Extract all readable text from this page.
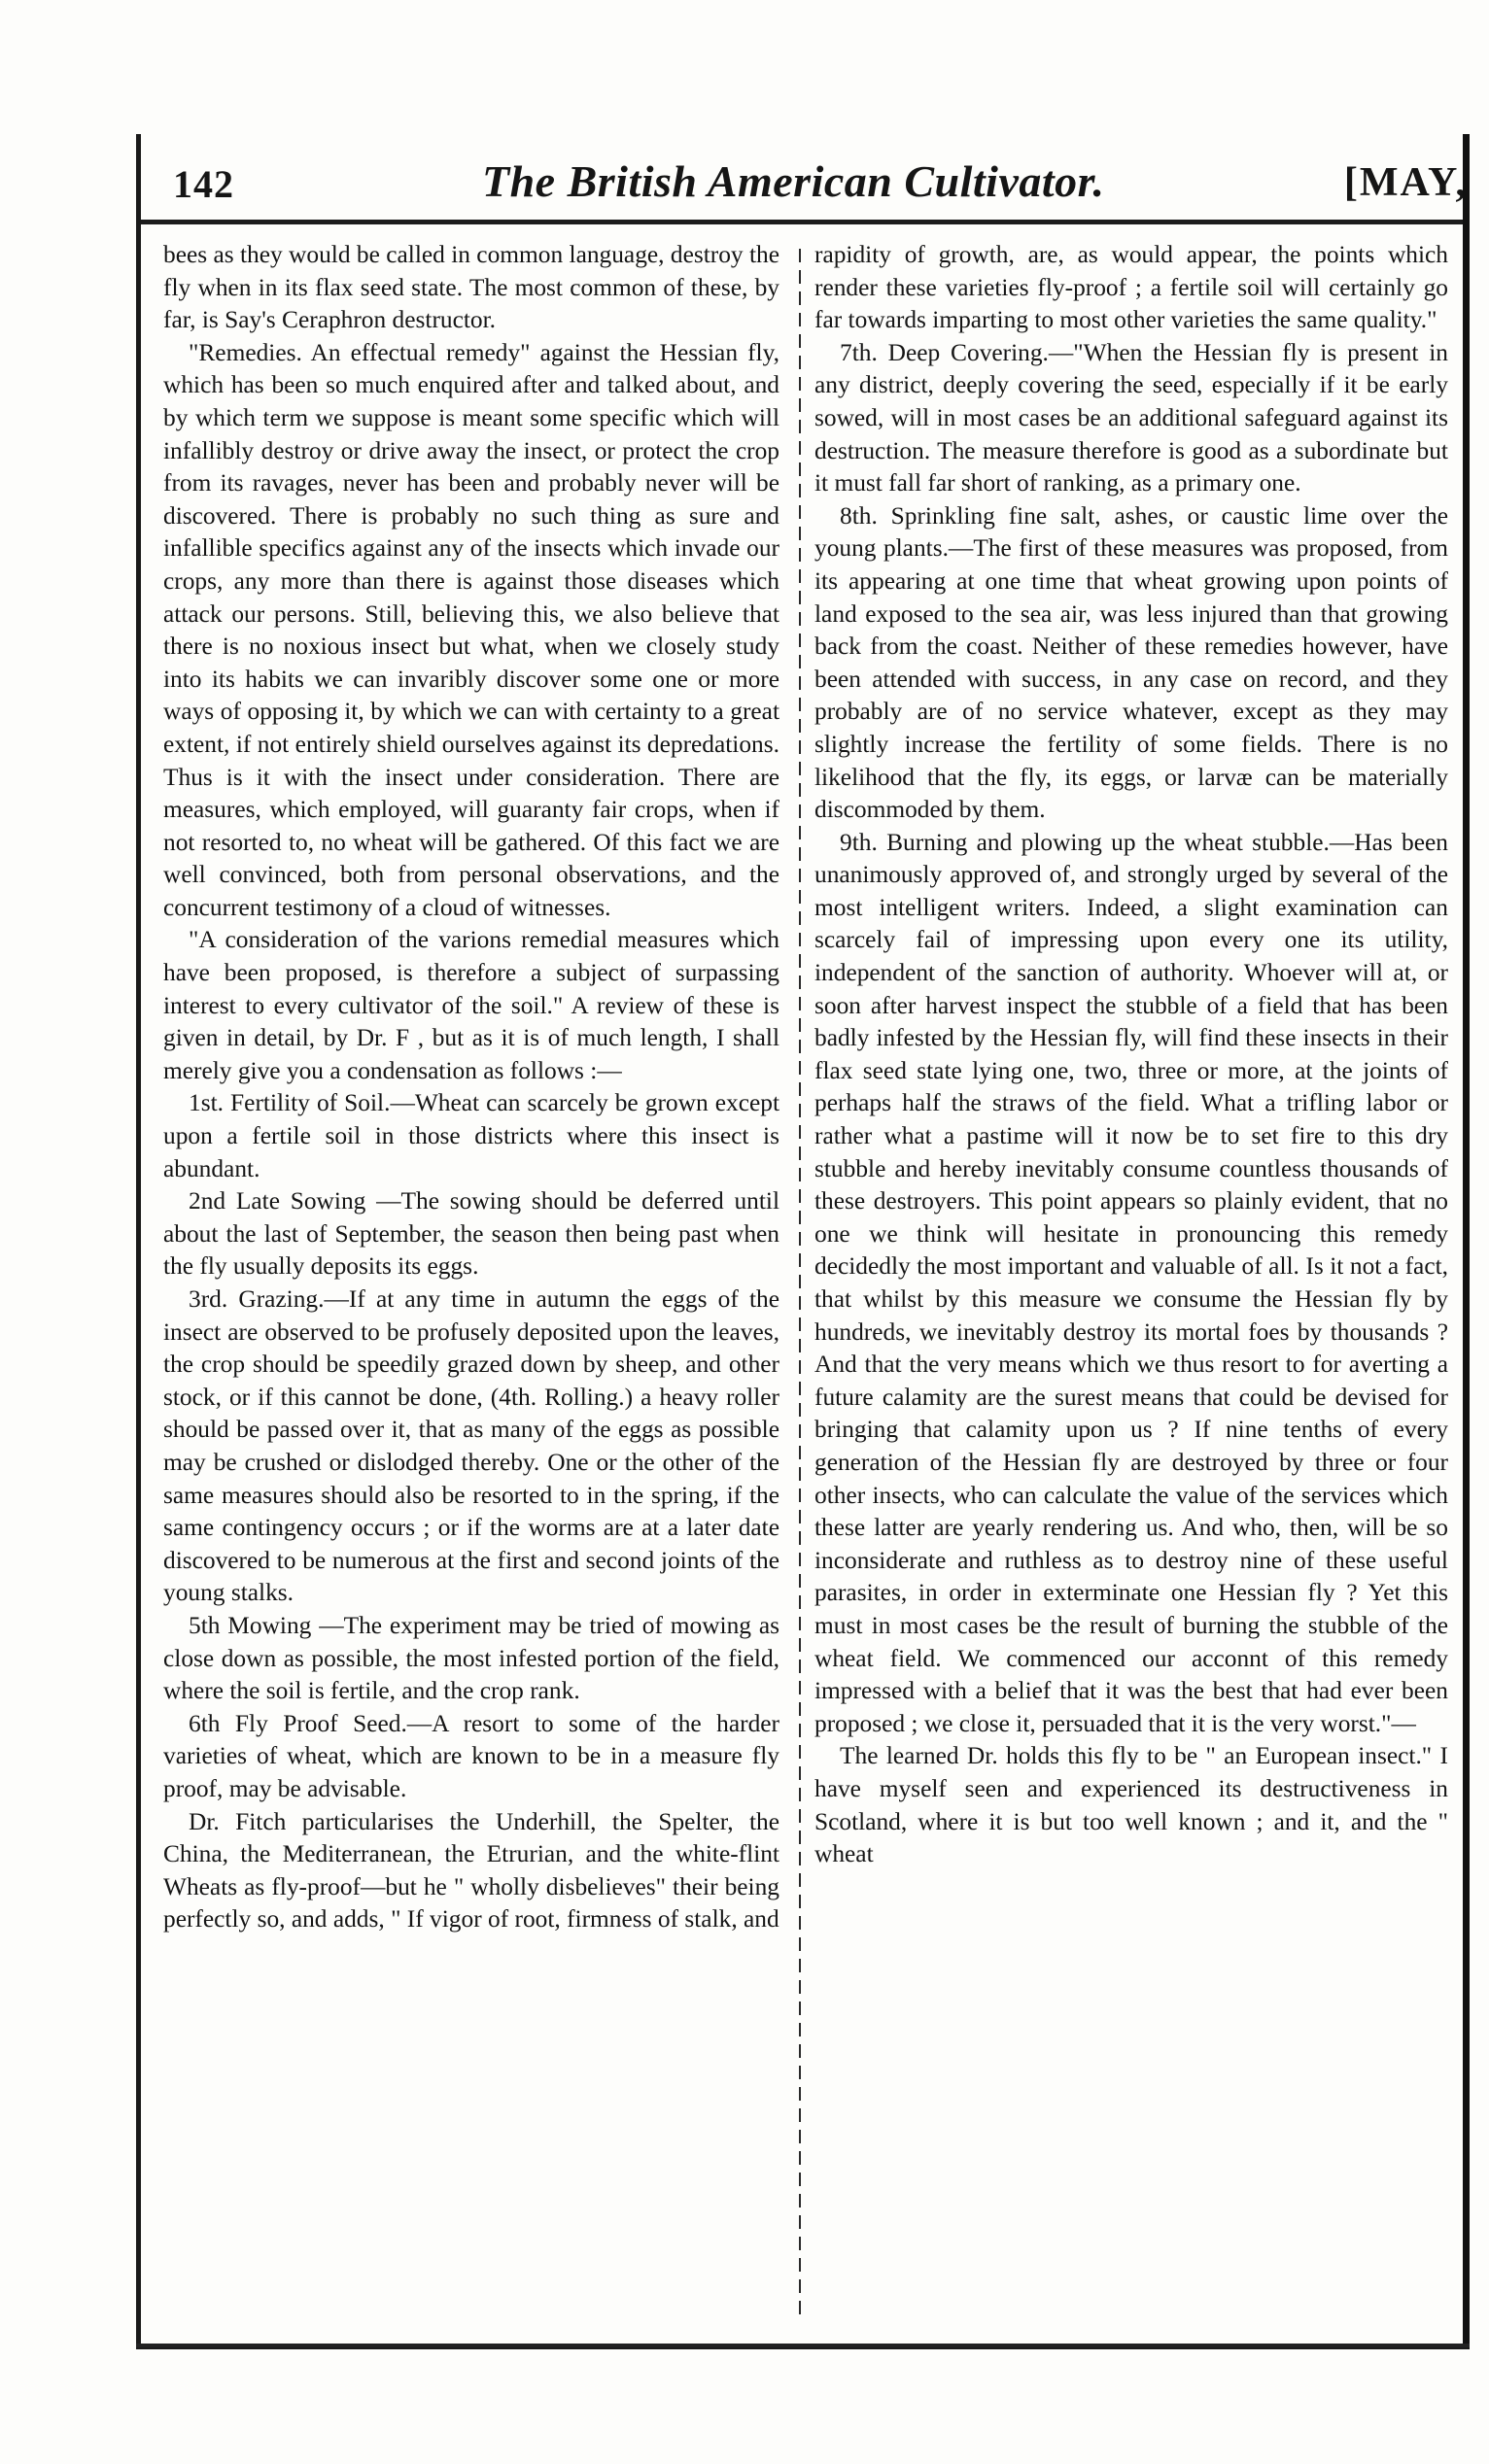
142	The British American Cultivator.	[MAY,

bees as they would be called in common language, destroy the fly when in its flax seed state. The most common of these, by far, is Say's Ceraphron destructor.

"Remedies. An effectual remedy" against the Hessian fly, which has been so much enquired after and talked about, and by which term we suppose is meant some specific which will infallibly destroy or drive away the insect, or protect the crop from its ravages, never has been and probably never will be discovered. There is probably no such thing as sure and infallible specifics against any of the insects which invade our crops, any more than there is against those diseases which attack our persons. Still, believing this, we also believe that there is no noxious insect but what, when we closely study into its habits we can invaribly discover some one or more ways of opposing it, by which we can with certainty to a great extent, if not entirely shield ourselves against its depredations. Thus is it with the insect under consideration. There are measures, which employed, will guaranty fair crops, when if not resorted to, no wheat will be gathered. Of this fact we are well convinced, both from personal observations, and the concurrent testimony of a cloud of witnesses.

"A consideration of the varions remedial measures which have been proposed, is therefore a subject of surpassing interest to every cultivator of the soil." A review of these is given in detail, by Dr. F , but as it is of much length, I shall merely give you a condensation as follows :—

1st. Fertility of Soil.—Wheat can scarcely be grown except upon a fertile soil in those districts where this insect is abundant.

2nd Late Sowing —The sowing should be deferred until about the last of September, the season then being past when the fly usually deposits its eggs.

3rd. Grazing.—If at any time in autumn the eggs of the insect are observed to be profusely deposited upon the leaves, the crop should be speedily grazed down by sheep, and other stock, or if this cannot be done, (4th. Rolling.) a heavy roller should be passed over it, that as many of the eggs as possible may be crushed or dislodged thereby. One or the other of the same measures should also be resorted to in the spring, if the same contingency occurs ; or if the worms are at a later date discovered to be numerous at the first and second joints of the young stalks.

5th Mowing —The experiment may be tried of mowing as close down as possible, the most infested portion of the field, where the soil is fertile, and the crop rank.

6th Fly Proof Seed.—A resort to some of the harder varieties of wheat, which are known to be in a measure fly proof, may be advisable.

Dr. Fitch particularises the Underhill, the Spelter, the China, the Mediterranean, the Etrurian, and the white-flint Wheats as fly-proof—but he " wholly disbelieves" their being perfectly so, and adds, " If vigor of root, firmness of stalk, and

rapidity of growth, are, as would appear, the points which render these varieties fly-proof ; a fertile soil will certainly go far towards imparting to most other varieties the same quality."

7th. Deep Covering.—"When the Hessian fly is present in any district, deeply covering the seed, especially if it be early sowed, will in most cases be an additional safeguard against its destruction. The measure therefore is good as a subordinate but it must fall far short of ranking, as a primary one.

8th. Sprinkling fine salt, ashes, or caustic lime over the young plants.—The first of these measures was proposed, from its appearing at one time that wheat growing upon points of land exposed to the sea air, was less injured than that growing back from the coast. Neither of these remedies however, have been attended with success, in any case on record, and they probably are of no service whatever, except as they may slightly increase the fertility of some fields. There is no likelihood that the fly, its eggs, or larvæ can be materially discommoded by them.

9th. Burning and plowing up the wheat stubble.—Has been unanimously approved of, and strongly urged by several of the most intelligent writers. Indeed, a slight examination can scarcely fail of impressing upon every one its utility, independent of the sanction of authority. Whoever will at, or soon after harvest inspect the stubble of a field that has been badly infested by the Hessian fly, will find these insects in their flax seed state lying one, two, three or more, at the joints of perhaps half the straws of the field. What a trifling labor or rather what a pastime will it now be to set fire to this dry stubble and hereby inevitably consume countless thousands of these destroyers. This point appears so plainly evident, that no one we think will hesitate in pronouncing this remedy decidedly the most important and valuable of all. Is it not a fact, that whilst by this measure we consume the Hessian fly by hundreds, we inevitably destroy its mortal foes by thousands ? And that the very means which we thus resort to for averting a future calamity are the surest means that could be devised for bringing that calamity upon us ? If nine tenths of every generation of the Hessian fly are destroyed by three or four other insects, who can calculate the value of the services which these latter are yearly rendering us. And who, then, will be so inconsiderate and ruthless as to destroy nine of these useful parasites, in order in exterminate one Hessian fly ? Yet this must in most cases be the result of burning the stubble of the wheat field. We commenced our acconnt of this remedy impressed with a belief that it was the best that had ever been proposed ; we close it, persuaded that it is the very worst."—

The learned Dr. holds this fly to be " an European insect." I have myself seen and experienced its destructiveness in Scotland, where it is but too well known ; and it, and the " wheat
